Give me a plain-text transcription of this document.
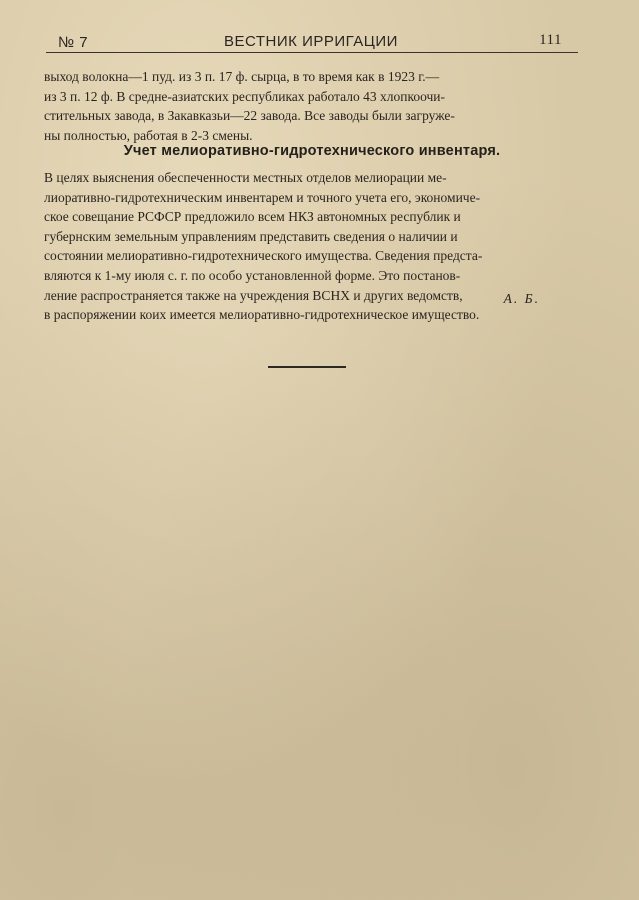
№ 7	ВЕСТНИК ИРРИГАЦИИ	111

выход волокна—1 пуд. из 3 п. 17 ф. сырца, в то время как в 1923 г.—
из 3 п. 12 ф. В средне-азиатских республиках работало 43 хлопкоочи-
стительных завода, в Закавказьи—22 завода. Все заводы были загруже-
ны полностью, работая в 2-3 смены.

Учет мелиоративно-гидротехнического инвентаря.

В целях выяснения обеспеченности местных отделов мелиорации ме-
лиоративно-гидротехническим инвентарем и точного учета его, экономиче-
ское совещание РСФСР предложило всем НКЗ автономных республик и
губернским земельным управлениям представить сведения о наличии и
состоянии мелиоративно-гидротехнического имущества. Сведения предста-
вляются к 1-му июля с. г. по особо установленной форме. Это постанов-
ление распространяется также на учреждения ВСНХ и других ведомств,
в распоряжении коих имеется мелиоративно-гидротехническое имущество.

А. Б.
